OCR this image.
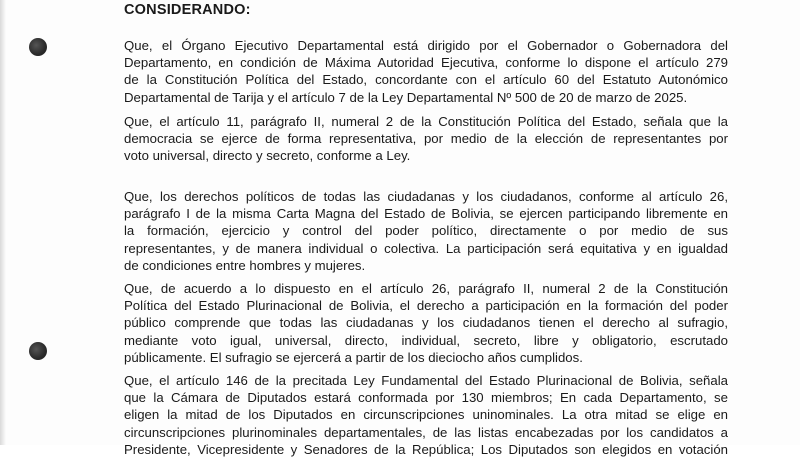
CONSIDERANDO:

Que, el Órgano Ejecutivo Departamental está dirigido por el Gobernador o Gobernadora del
Departamento, en condición de Máxima Autoridad Ejecutiva, conforme lo dispone el artículo 279
de la Constitución Política del Estado, concordante con el artículo 60 del Estatuto Autonómico
Departamental de Tarija y el artículo 7 de la Ley Departamental Nº 500 de 20 de marzo de 2025.

Que, el artículo 11, parágrafo II, numeral 2 de la Constitución Política del Estado, señala que la
democracia se ejerce de forma representativa, por medio de la elección de representantes por
voto universal, directo y secreto, conforme a Ley.

Que, los derechos políticos de todas las ciudadanas y los ciudadanos, conforme al artículo 26,
parágrafo I de la misma Carta Magna del Estado de Bolivia, se ejercen participando libremente en
la formación, ejercicio y control del poder político, directamente o por medio de sus
representantes, y de manera individual o colectiva. La participación será equitativa y en igualdad
de condiciones entre hombres y mujeres.

Que, de acuerdo a lo dispuesto en el artículo 26, parágrafo II, numeral 2 de la Constitución
Política del Estado Plurinacional de Bolivia, el derecho a participación en la formación del poder
público comprende que todas las ciudadanas y los ciudadanos tienen el derecho al sufragio,
mediante voto igual, universal, directo, individual, secreto, libre y obligatorio, escrutado
públicamente. El sufragio se ejercerá a partir de los dieciocho años cumplidos.

Que, el artículo 146 de la precitada Ley Fundamental del Estado Plurinacional de Bolivia, señala
que la Cámara de Diputados estará conformada por 130 miembros; En cada Departamento, se
eligen la mitad de los Diputados en circunscripciones uninominales. La otra mitad se elige en
circunscripciones plurinominales departamentales, de las listas encabezadas por los candidatos a
Presidente, Vicepresidente y Senadores de la República; Los Diputados son elegidos en votación
